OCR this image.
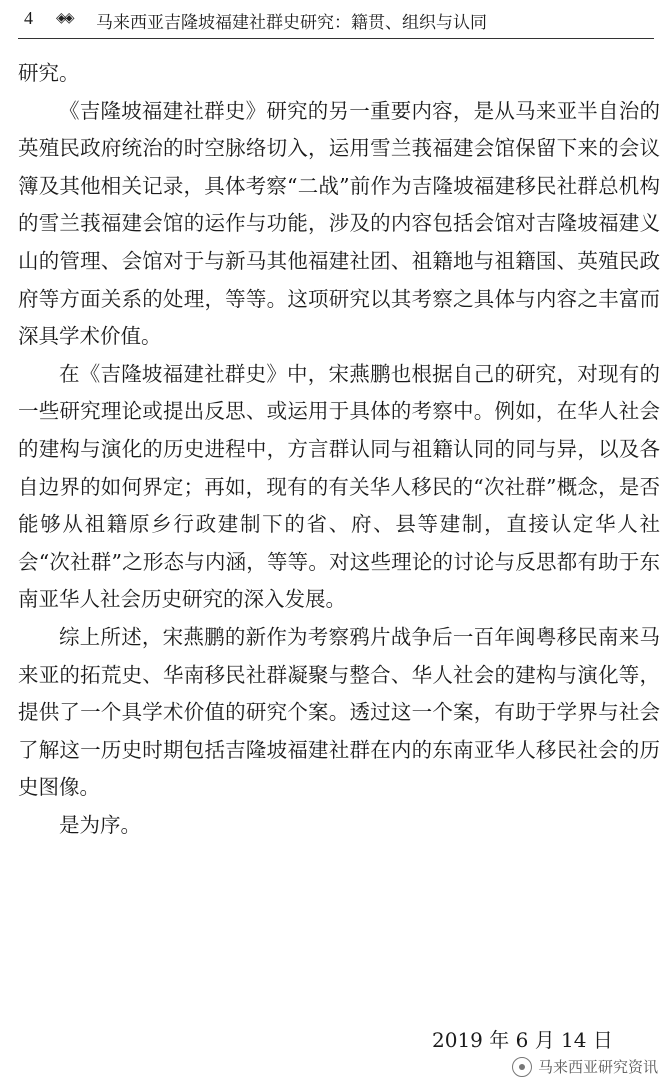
4 ◈◈ 马来西亚吉隆坡福建社群史研究：籍贯、组织与认同

研究。

《吉隆坡福建社群史》研究的另一重要内容，是从马来亚半自治的英殖民政府统治的时空脉络切入，运用雪兰莪福建会馆保留下来的会议簿及其他相关记录，具体考察“二战”前作为吉隆坡福建移民社群总机构的雪兰莪福建会馆的运作与功能，涉及的内容包括会馆对吉隆坡福建义山的管理、会馆对于与新马其他福建社团、祖籍地与祖籍国、英殖民政府等方面关系的处理，等等。这项研究以其考察之具体与内容之丰富而深具学术价值。

在《吉隆坡福建社群史》中，宋燕鹏也根据自己的研究，对现有的一些研究理论或提出反思、或运用于具体的考察中。例如，在华人社会的建构与演化的历史进程中，方言群认同与祖籍认同的同与异，以及各自边界的如何界定；再如，现有的有关华人移民的“次社群”概念，是否能够从祖籍原乡行政建制下的省、府、县等建制，直接认定华人社会“次社群”之形态与内涵，等等。对这些理论的讨论与反思都有助于东南亚华人社会历史研究的深入发展。

综上所述，宋燕鹏的新作为考察鸦片战争后一百年闽粤移民南来马来亚的拓荒史、华南移民社群凝聚与整合、华人社会的建构与演化等，提供了一个具学术价值的研究个案。透过这一个案，有助于学界与社会了解这一历史时期包括吉隆坡福建社群在内的东南亚华人移民社会的历史图像。

是为序。

2019 年 6 月 14 日
马来西亚研究资讯
